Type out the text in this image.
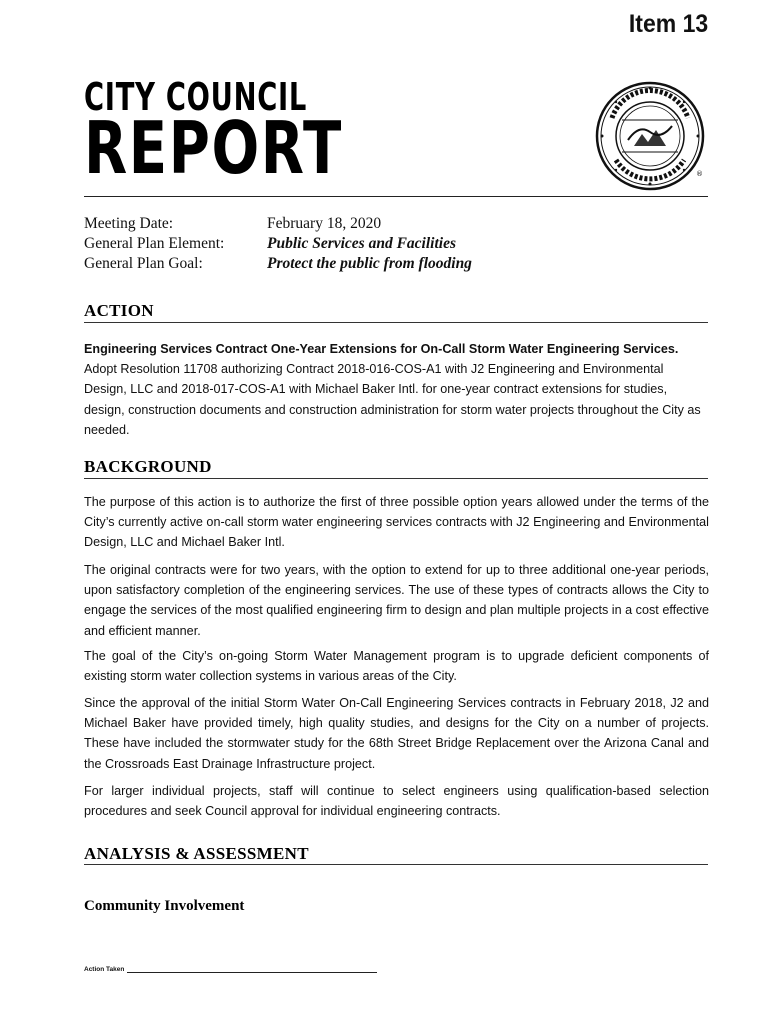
Item 13
CITY COUNCIL
REPORT	®
Meeting Date:	February 18, 2020
General Plan Element:	Public Services and Facilities
General Plan Goal:	Protect the public from flooding
ACTION
Engineering Services Contract One-Year Extensions for On-Call Storm Water Engineering Services. Adopt Resolution 11708 authorizing Contract 2018-016-COS-A1 with J2 Engineering and Environmental Design, LLC and 2018-017-COS-A1 with Michael Baker Intl. for one-year contract extensions for studies, design, construction documents and construction administration for storm water projects throughout the City as needed.
BACKGROUND
The purpose of this action is to authorize the first of three possible option years allowed under the terms of the City’s currently active on-call storm water engineering services contracts with J2 Engineering and Environmental Design, LLC and Michael Baker Intl.
The original contracts were for two years, with the option to extend for up to three additional one-year periods, upon satisfactory completion of the engineering services. The use of these types of contracts allows the City to engage the services of the most qualified engineering firm to design and plan multiple projects in a cost effective and efficient manner.
The goal of the City’s on-going Storm Water Management program is to upgrade deficient components of existing storm water collection systems in various areas of the City.
Since the approval of the initial Storm Water On-Call Engineering Services contracts in February 2018, J2 and Michael Baker have provided timely, high quality studies, and designs for the City on a number of projects. These have included the stormwater study for the 68th Street Bridge Replacement over the Arizona Canal and the Crossroads East Drainage Infrastructure project.
For larger individual projects, staff will continue to select engineers using qualification-based selection procedures and seek Council approval for individual engineering contracts.
ANALYSIS & ASSESSMENT
Community Involvement
Action Taken
